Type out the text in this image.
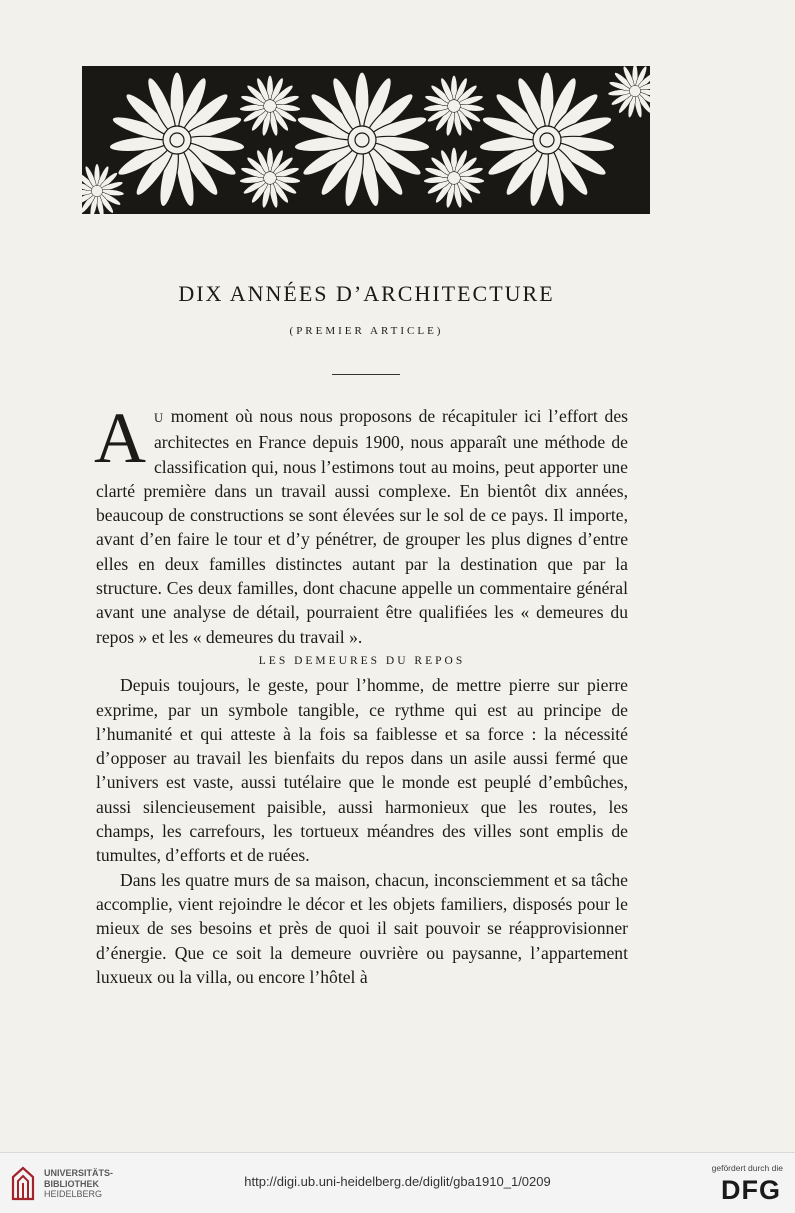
DIX ANNÉES D’ARCHITECTURE
(PREMIER ARTICLE)

A U moment où nous nous proposons de récapituler ici l’effort des architectes en France depuis 1900, nous apparaît une méthode de classification qui, nous l’estimons tout au moins, peut apporter une clarté première dans un travail aussi complexe. En bientôt dix années, beaucoup de constructions se sont élevées sur le sol de ce pays. Il importe, avant d’en faire le tour et d’y pénétrer, de grouper les plus dignes d’entre elles en deux familles distinctes autant par la destination que par la structure. Ces deux familles, dont chacune appelle un commentaire général avant une analyse de détail, pourraient être qualifiées les « demeures du repos » et les « demeures du travail ».

LES DEMEURES DU REPOS

Depuis toujours, le geste, pour l’homme, de mettre pierre sur pierre exprime, par un symbole tangible, ce rythme qui est au principe de l’humanité et qui atteste à la fois sa faiblesse et sa force : la nécessité d’opposer au travail les bienfaits du repos dans un asile aussi fermé que l’univers est vaste, aussi tutélaire que le monde est peuplé d’embûches, aussi silencieusement paisible, aussi harmonieux que les routes, les champs, les carrefours, les tortueux méandres des villes sont emplis de tumultes, d’efforts et de ruées.

Dans les quatre murs de sa maison, chacun, inconsciemment et sa tâche accomplie, vient rejoindre le décor et les objets familiers, disposés pour le mieux de ses besoins et près de quoi il sait pouvoir se réapprovisionner d’énergie. Que ce soit la demeure ouvrière ou paysanne, l’appartement luxueux ou la villa, ou encore l’hôtel à

UNIVERSITÄTS-
BIBLIOTHEK
HEIDELBERG
http://digi.ub.uni-heidelberg.de/diglit/gba1910_1/0209
gefördert durch die
DFG
